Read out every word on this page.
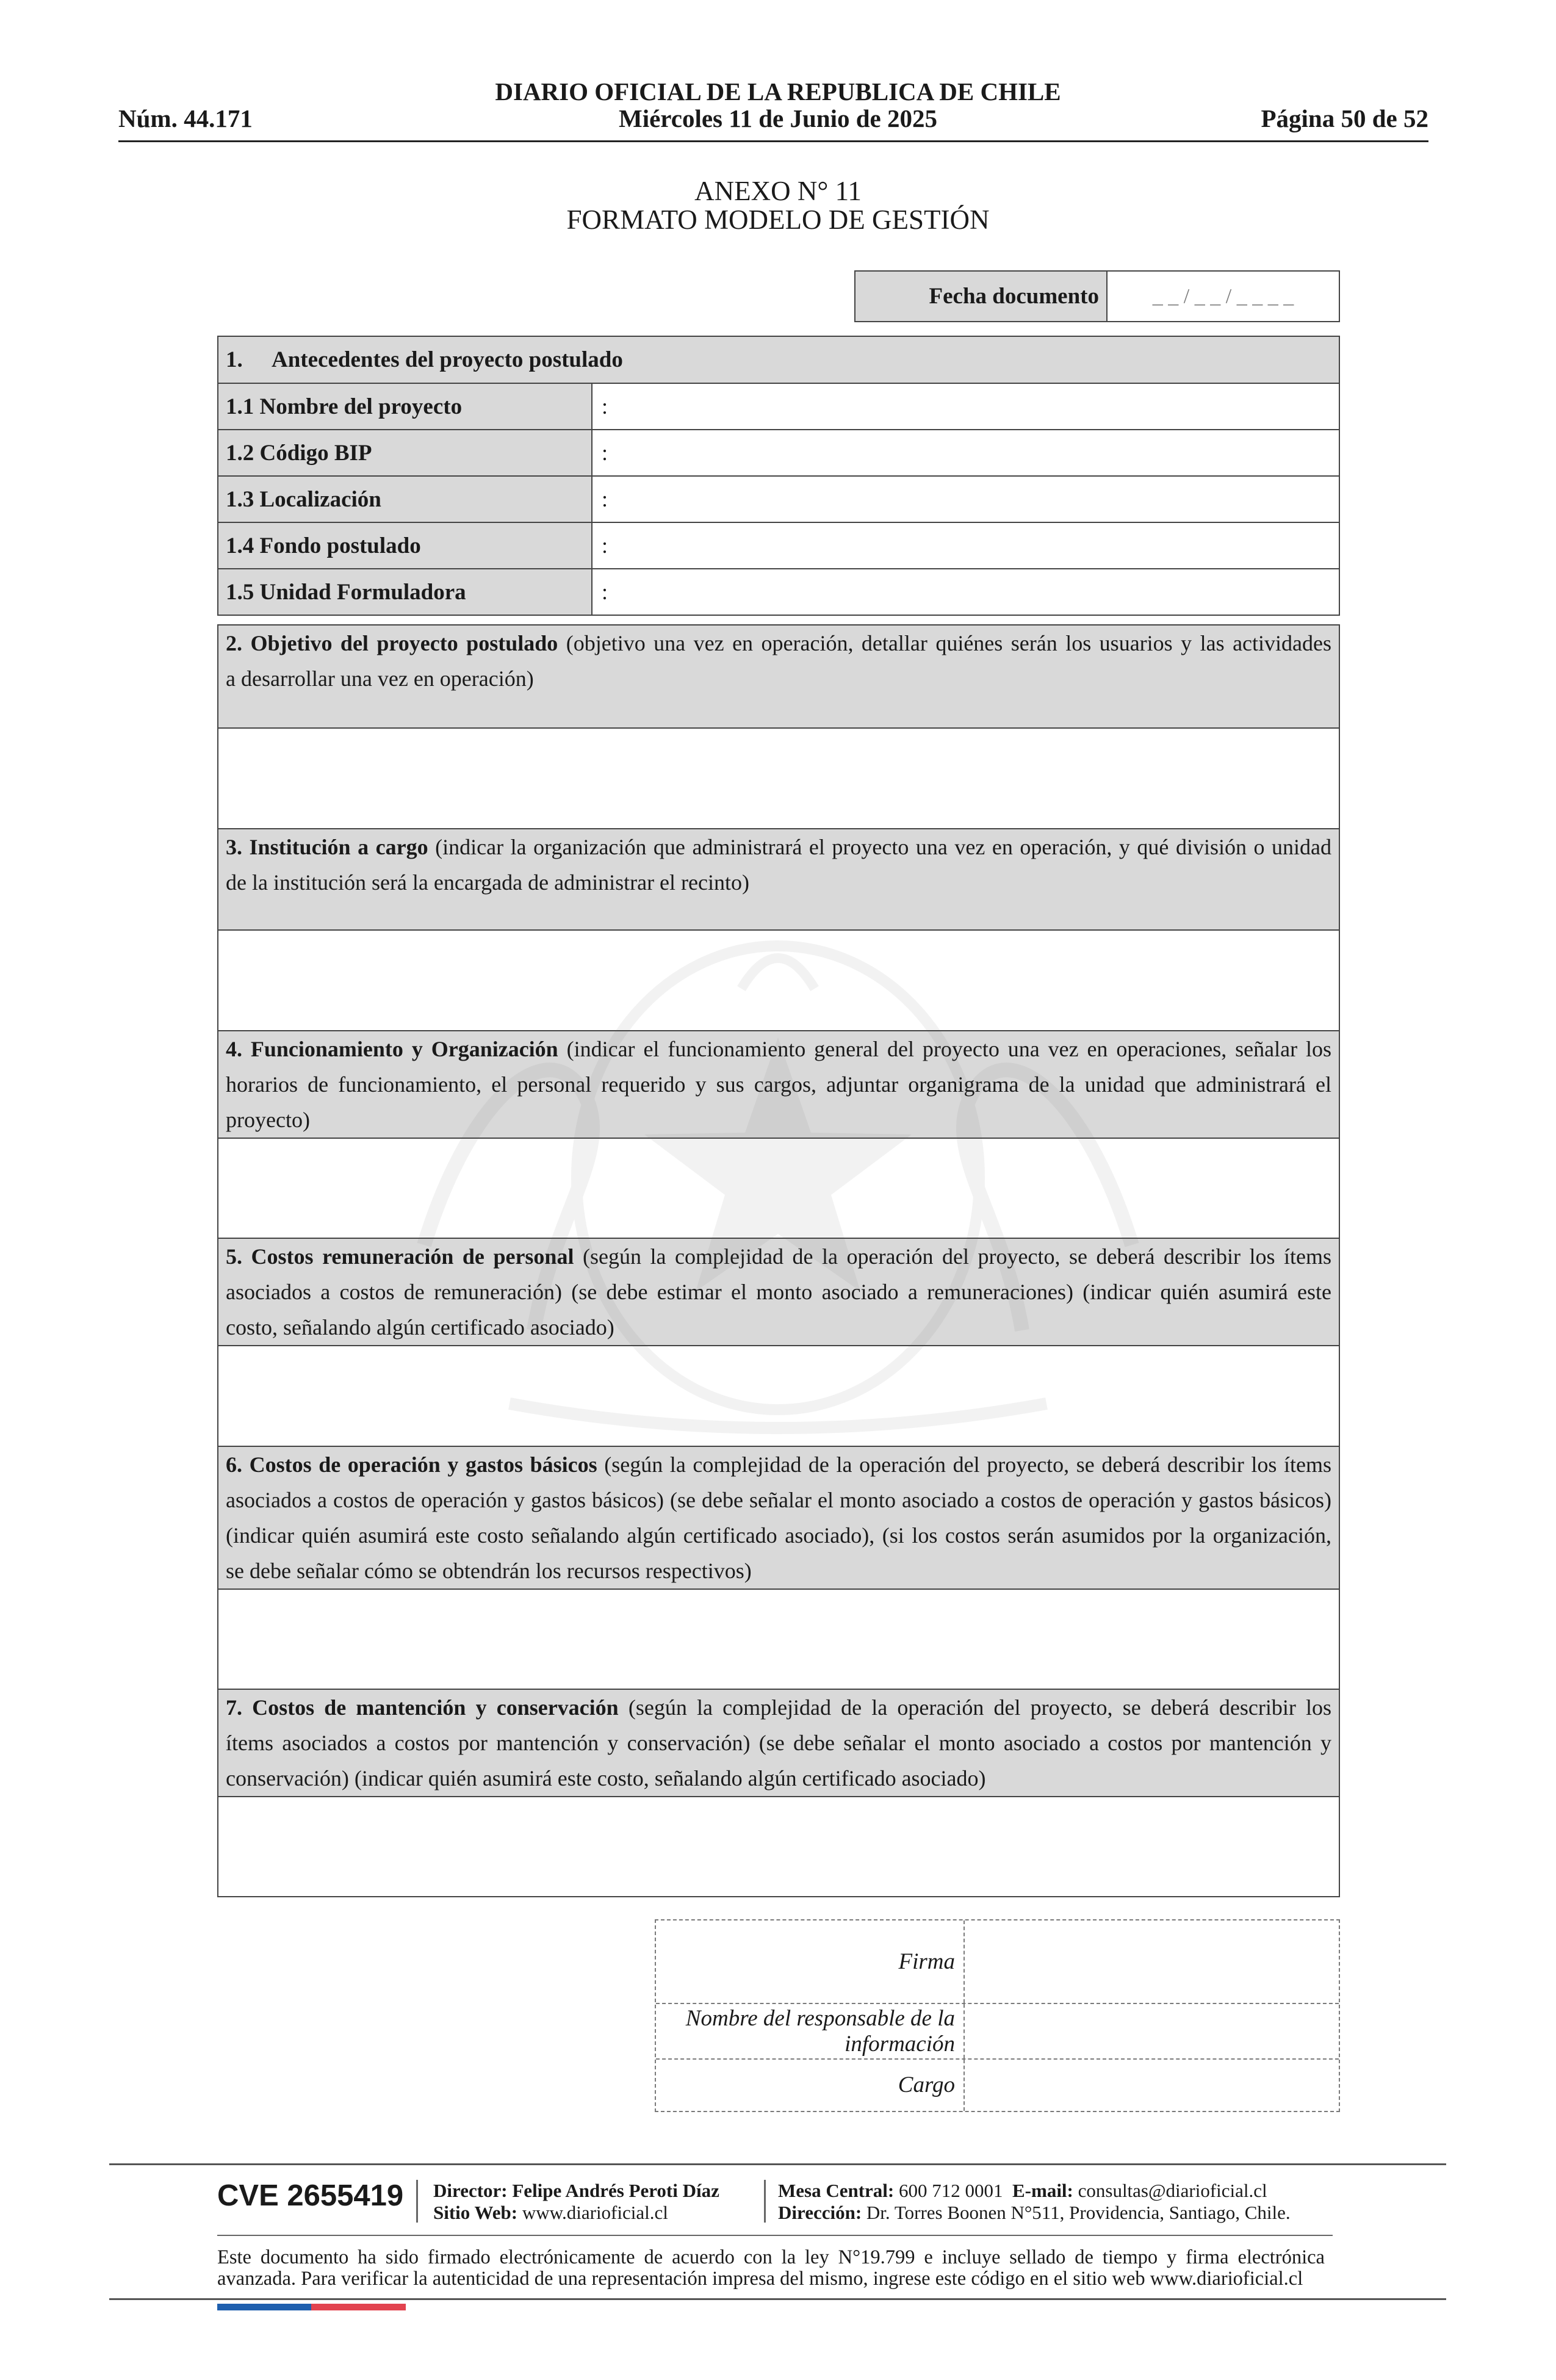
DIARIO OFICIAL DE LA REPUBLICA DE CHILE
Núm. 44.171	Miércoles 11 de Junio de 2025	Página 50 de 52
ANEXO N° 11
FORMATO MODELO DE GESTIÓN
Fecha documento	_ _ / _ _ / _ _ _ _
1.	Antecedentes del proyecto postulado
1.1 Nombre del proyecto	:
1.2 Código BIP	:
1.3 Localización	:
1.4 Fondo postulado	:
1.5 Unidad Formuladora	:
2. Objetivo del proyecto postulado (objetivo una vez en operación, detallar quiénes serán los usuarios y las actividades
a desarrollar una vez en operación)
3. Institución a cargo (indicar la organización que administrará el proyecto una vez en operación, y qué división o unidad
de la institución será la encargada de administrar el recinto)
4. Funcionamiento y Organización (indicar el funcionamiento general del proyecto una vez en operaciones, señalar los
horarios de funcionamiento, el personal requerido y sus cargos, adjuntar organigrama de la unidad que administrará el
proyecto)
5. Costos remuneración de personal (según la complejidad de la operación del proyecto, se deberá describir los ítems
asociados a costos de remuneración) (se debe estimar el monto asociado a remuneraciones) (indicar quién asumirá este
costo, señalando algún certificado asociado)
6. Costos de operación y gastos básicos (según la complejidad de la operación del proyecto, se deberá describir los ítems
asociados a costos de operación y gastos básicos) (se debe señalar el monto asociado a costos de operación y gastos básicos)
(indicar quién asumirá este costo señalando algún certificado asociado), (si los costos serán asumidos por la organización,
se debe señalar cómo se obtendrán los recursos respectivos)
7. Costos de mantención y conservación (según la complejidad de la operación del proyecto, se deberá describir los
ítems asociados a costos por mantención y conservación) (se debe señalar el monto asociado a costos por mantención y
conservación) (indicar quién asumirá este costo, señalando algún certificado asociado)
Firma
Nombre del responsable de la
información
Cargo
CVE 2655419 Director: Felipe Andrés Peroti Díaz
Sitio Web: www.diarioficial.cl
Mesa Central: 600 712 0001 E-mail: consultas@diarioficial.cl
Dirección: Dr. Torres Boonen N°511, Providencia, Santiago, Chile.
Este documento ha sido firmado electrónicamente de acuerdo con la ley N°19.799 e incluye sellado de tiempo y firma electrónica
avanzada. Para verificar la autenticidad de una representación impresa del mismo, ingrese este código en el sitio web www.diarioficial.cl
